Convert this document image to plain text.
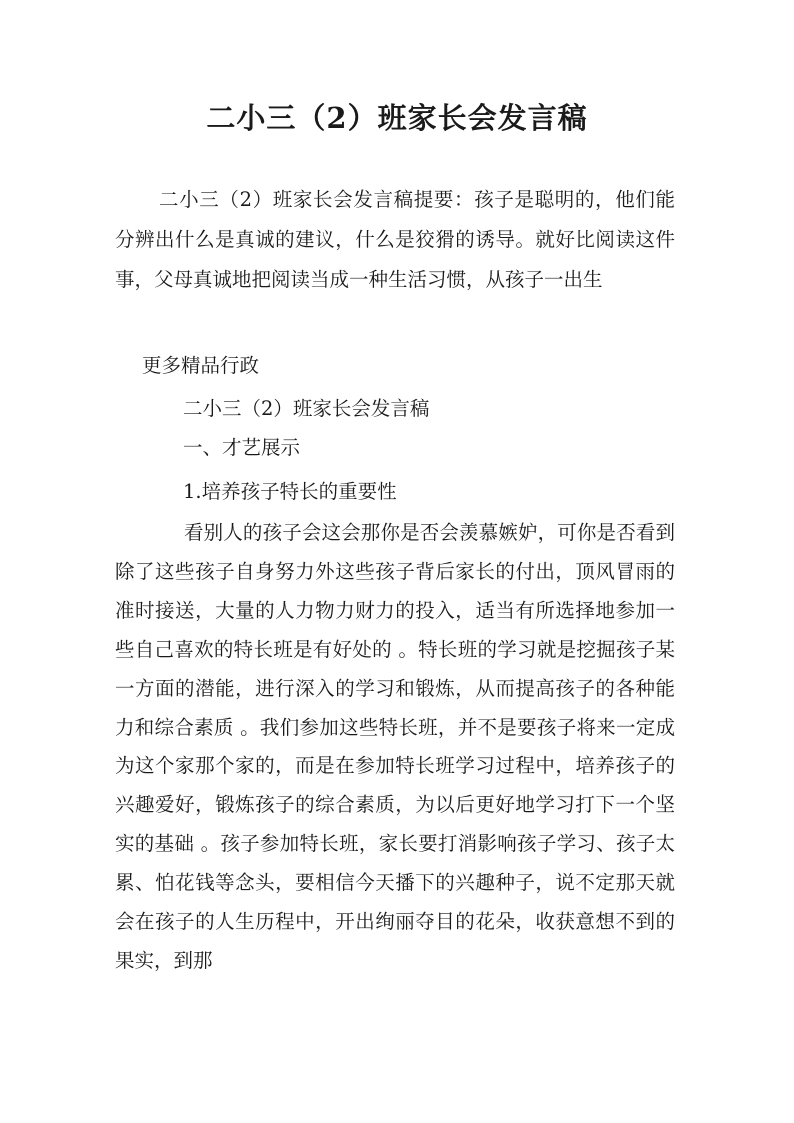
二小三（2）班家长会发言稿
二小三（2）班家长会发言稿提要：孩子是聪明的，他们能分辨出什么是真诚的建议，什么是狡猾的诱导。就好比阅读这件事，父母真诚地把阅读当成一种生活习惯，从孩子一出生
更多精品行政
二小三（2）班家长会发言稿
一、才艺展示
1.培养孩子特长的重要性
看别人的孩子会这会那你是否会羡慕嫉妒，可你是否看到除了这些孩子自身努力外这些孩子背后家长的付出，顶风冒雨的准时接送，大量的人力物力财力的投入，适当有所选择地参加一些自己喜欢的特长班是有好处的 。特长班的学习就是挖掘孩子某一方面的潜能，进行深入的学习和锻炼，从而提高孩子的各种能力和综合素质 。我们参加这些特长班，并不是要孩子将来一定成为这个家那个家的，而是在参加特长班学习过程中，培养孩子的兴趣爱好，锻炼孩子的综合素质，为以后更好地学习打下一个坚实的基础 。孩子参加特长班，家长要打消影响孩子学习、孩子太累、怕花钱等念头，要相信今天播下的兴趣种子，说不定那天就会在孩子的人生历程中，开出绚丽夺目的花朵，收获意想不到的果实，到那
